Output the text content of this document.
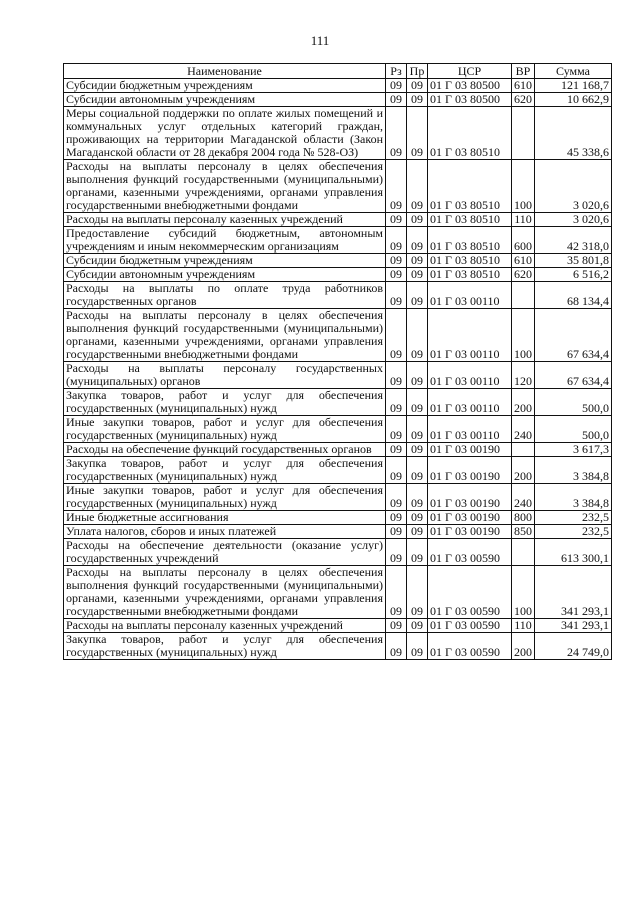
111
Наименование	Рз	Пр	ЦСР	ВР	Сумма
Субсидии бюджетным учреждениям	09	09	01 Г 03 80500	610	121 168,7
Субсидии автономным учреждениям	09	09	01 Г 03 80500	620	10 662,9
Меры социальной поддержки по оплате жилых помещений и коммунальных услуг отдельных категорий граждан, проживающих на территории Магаданской области (Закон Магаданской области от 28 декабря 2004 года № 528-ОЗ)	09	09	01 Г 03 80510		45 338,6
Расходы на выплаты персоналу в целях обеспечения выполнения функций государственными (муниципальными) органами, казенными учреждениями, органами управления государственными внебюджетными фондами	09	09	01 Г 03 80510	100	3 020,6
Расходы на выплаты персоналу казенных учреждений	09	09	01 Г 03 80510	110	3 020,6
Предоставление субсидий бюджетным, автономным учреждениям и иным некоммерческим организациям	09	09	01 Г 03 80510	600	42 318,0
Субсидии бюджетным учреждениям	09	09	01 Г 03 80510	610	35 801,8
Субсидии автономным учреждениям	09	09	01 Г 03 80510	620	6 516,2
Расходы на выплаты по оплате труда работников государственных органов	09	09	01 Г 03 00110		68 134,4
Расходы на выплаты персоналу в целях обеспечения выполнения функций государственными (муниципальными) органами, казенными учреждениями, органами управления государственными внебюджетными фондами	09	09	01 Г 03 00110	100	67 634,4
Расходы на выплаты персоналу государственных (муниципальных) органов	09	09	01 Г 03 00110	120	67 634,4
Закупка товаров, работ и услуг для обеспечения государственных (муниципальных) нужд	09	09	01 Г 03 00110	200	500,0
Иные закупки товаров, работ и услуг для обеспечения государственных (муниципальных) нужд	09	09	01 Г 03 00110	240	500,0
Расходы на обеспечение функций государственных органов	09	09	01 Г 03 00190		3 617,3
Закупка товаров, работ и услуг для обеспечения государственных (муниципальных) нужд	09	09	01 Г 03 00190	200	3 384,8
Иные закупки товаров, работ и услуг для обеспечения государственных (муниципальных) нужд	09	09	01 Г 03 00190	240	3 384,8
Иные бюджетные ассигнования	09	09	01 Г 03 00190	800	232,5
Уплата налогов, сборов и иных платежей	09	09	01 Г 03 00190	850	232,5
Расходы на обеспечение деятельности (оказание услуг) государственных учреждений	09	09	01 Г 03 00590		613 300,1
Расходы на выплаты персоналу в целях обеспечения выполнения функций государственными (муниципальными) органами, казенными учреждениями, органами управления государственными внебюджетными фондами	09	09	01 Г 03 00590	100	341 293,1
Расходы на выплаты персоналу казенных учреждений	09	09	01 Г 03 00590	110	341 293,1
Закупка товаров, работ и услуг для обеспечения государственных (муниципальных) нужд	09	09	01 Г 03 00590	200	24 749,0
